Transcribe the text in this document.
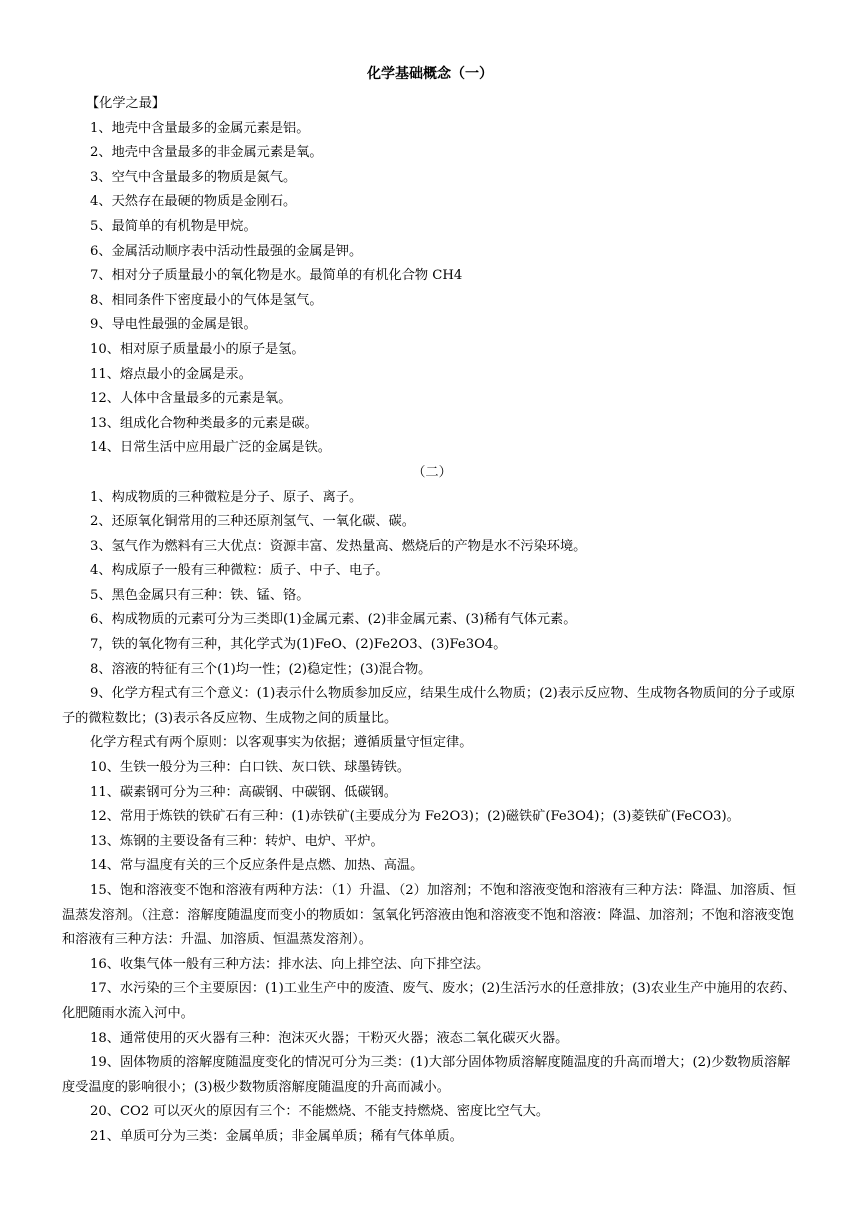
化学基础概念（一）

【化学之最】

1、地壳中含量最多的金属元素是铝。

2、地壳中含量最多的非金属元素是氧。

3、空气中含量最多的物质是氮气。

4、天然存在最硬的物质是金刚石。

5、最简单的有机物是甲烷。

6、金属活动顺序表中活动性最强的金属是钾。

7、相对分子质量最小的氧化物是水。最简单的有机化合物 CH4

8、相同条件下密度最小的气体是氢气。

9、导电性最强的金属是银。

10、相对原子质量最小的原子是氢。

11、熔点最小的金属是汞。

12、人体中含量最多的元素是氧。

13、组成化合物种类最多的元素是碳。

14、日常生活中应用最广泛的金属是铁。

（二）

1、构成物质的三种微粒是分子、原子、离子。

2、还原氧化铜常用的三种还原剂氢气、一氧化碳、碳。

3、氢气作为燃料有三大优点：资源丰富、发热量高、燃烧后的产物是水不污染环境。

4、构成原子一般有三种微粒：质子、中子、电子。

5、黑色金属只有三种：铁、锰、铬。

6、构成物质的元素可分为三类即(1)金属元素、(2)非金属元素、(3)稀有气体元素。

7，铁的氧化物有三种，其化学式为(1)FeO、(2)Fe2O3、(3)Fe3O4。

8、溶液的特征有三个(1)均一性；(2)稳定性；(3)混合物。

9、化学方程式有三个意义：(1)表示什么物质参加反应，结果生成什么物质；(2)表示反应物、生成物各物质间的分子或原子的微粒数比；(3)表示各反应物、生成物之间的质量比。

化学方程式有两个原则：以客观事实为依据；遵循质量守恒定律。

10、生铁一般分为三种：白口铁、灰口铁、球墨铸铁。

11、碳素钢可分为三种：高碳钢、中碳钢、低碳钢。

12、常用于炼铁的铁矿石有三种：(1)赤铁矿(主要成分为 Fe2O3)；(2)磁铁矿(Fe3O4)；(3)菱铁矿(FeCO3)。

13、炼钢的主要设备有三种：转炉、电炉、平炉。

14、常与温度有关的三个反应条件是点燃、加热、高温。

15、饱和溶液变不饱和溶液有两种方法：（1）升温、（2）加溶剂；不饱和溶液变饱和溶液有三种方法：降温、加溶质、恒温蒸发溶剂。（注意：溶解度随温度而变小的物质如：氢氧化钙溶液由饱和溶液变不饱和溶液：降温、加溶剂；不饱和溶液变饱和溶液有三种方法：升温、加溶质、恒温蒸发溶剂）。

16、收集气体一般有三种方法：排水法、向上排空法、向下排空法。

17、水污染的三个主要原因：(1)工业生产中的废渣、废气、废水；(2)生活污水的任意排放；(3)农业生产中施用的农药、化肥随雨水流入河中。

18、通常使用的灭火器有三种：泡沫灭火器；干粉灭火器；液态二氧化碳灭火器。

19、固体物质的溶解度随温度变化的情况可分为三类：(1)大部分固体物质溶解度随温度的升高而增大；(2)少数物质溶解度受温度的影响很小；(3)极少数物质溶解度随温度的升高而减小。

20、CO2 可以灭火的原因有三个：不能燃烧、不能支持燃烧、密度比空气大。

21、单质可分为三类：金属单质；非金属单质；稀有气体单质。
